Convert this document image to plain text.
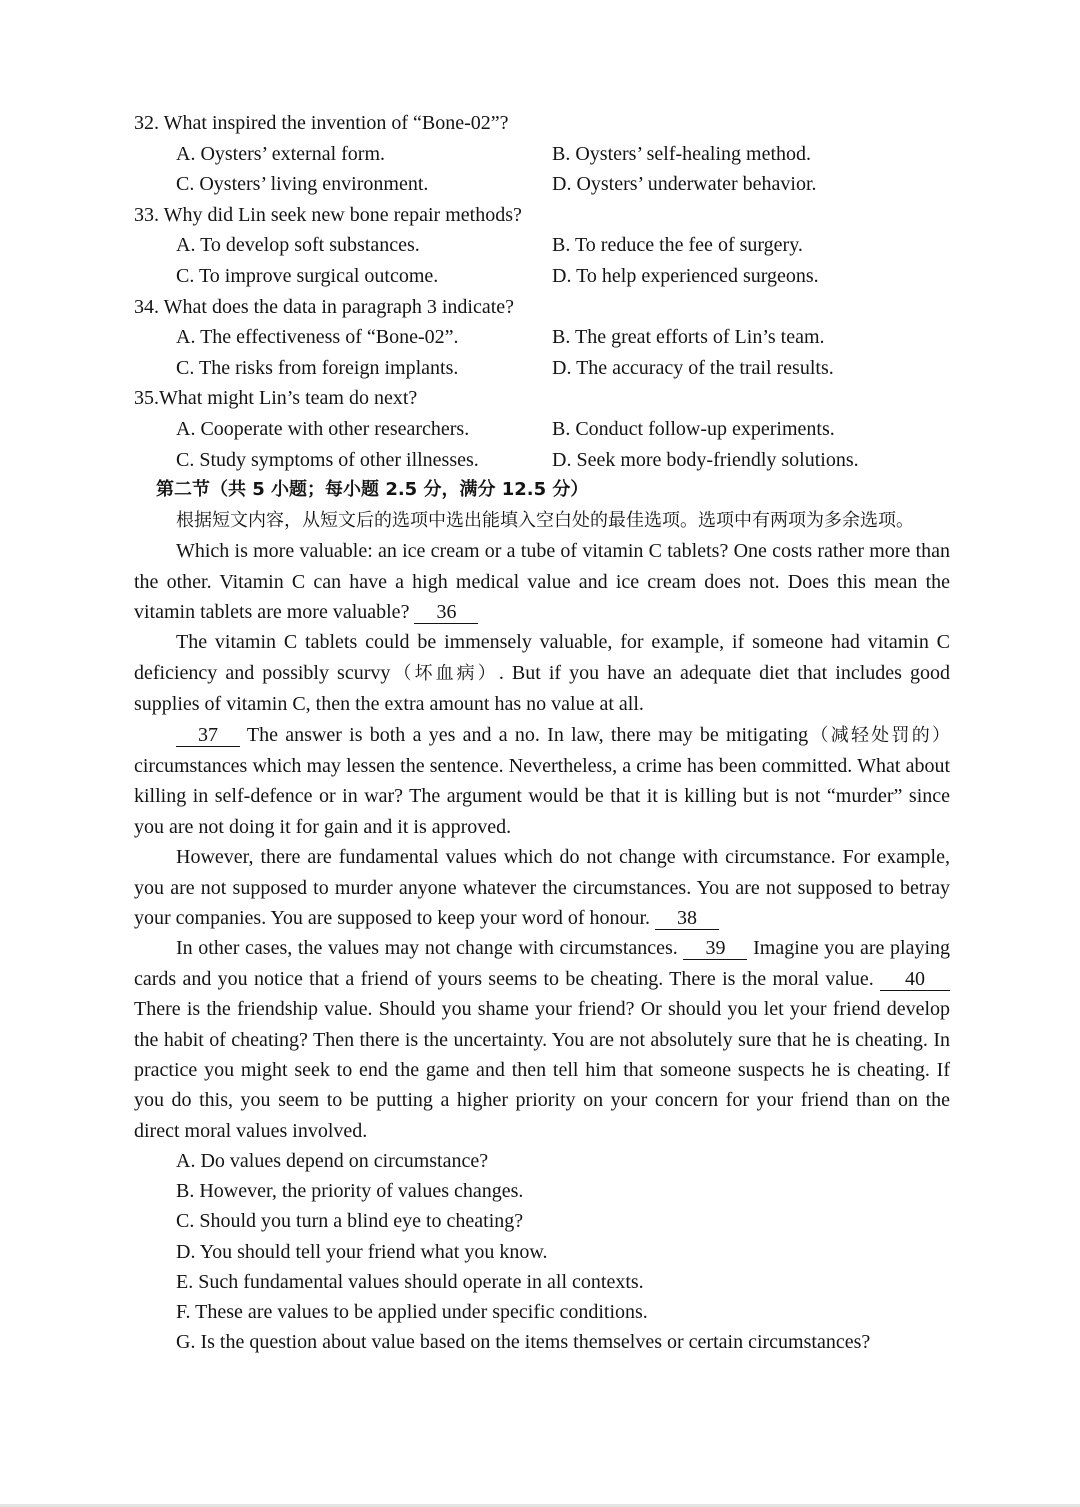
32. What inspired the invention of “Bone-02”?
A. Oysters’ external form.	B. Oysters’ self-healing method.
C. Oysters’ living environment.	D. Oysters’ underwater behavior.
33. Why did Lin seek new bone repair methods?
A. To develop soft substances.	B. To reduce the fee of surgery.
C. To improve surgical outcome.	D. To help experienced surgeons.
34. What does the data in paragraph 3 indicate?
A. The effectiveness of “Bone-02”.	B. The great efforts of Lin’s team.
C. The risks from foreign implants.	D. The accuracy of the trail results.
35.What might Lin’s team do next?
A. Cooperate with other researchers.	B. Conduct follow-up experiments.
C. Study symptoms of other illnesses.	D. Seek more body-friendly solutions.
第二节（共 5 小题；每小题 2.5 分，满分 12.5 分）

根据短文内容，从短文后的选项中选出能填入空白处的最佳选项。选项中有两项为多余选项。

Which is more valuable: an ice cream or a tube of vitamin C tablets? One costs rather more than the other. Vitamin C can have a high medical value and ice cream does not. Does this mean the vitamin tablets are more valuable? 36

The vitamin C tablets could be immensely valuable, for example, if someone had vitamin C deficiency and possibly scurvy（坏血病）. But if you have an adequate diet that includes good supplies of vitamin C, then the extra amount has no value at all.

37 The answer is both a yes and a no. In law, there may be mitigating（减轻处罚的） circumstances which may lessen the sentence. Nevertheless, a crime has been committed. What about killing in self-defence or in war? The argument would be that it is killing but is not “murder” since you are not doing it for gain and it is approved.

However, there are fundamental values which do not change with circumstance. For example, you are not supposed to murder anyone whatever the circumstances. You are not supposed to betray your companies. You are supposed to keep your word of honour. 38

In other cases, the values may not change with circumstances. 39 Imagine you are playing cards and you notice that a friend of yours seems to be cheating. There is the moral value. 40 There is the friendship value. Should you shame your friend? Or should you let your friend develop the habit of cheating? Then there is the uncertainty. You are not absolutely sure that he is cheating. In practice you might seek to end the game and then tell him that someone suspects he is cheating. If you do this, you seem to be putting a higher priority on your concern for your friend than on the direct moral values involved.

A. Do values depend on circumstance?
B. However, the priority of values changes.
C. Should you turn a blind eye to cheating?
D. You should tell your friend what you know.
E. Such fundamental values should operate in all contexts.
F. These are values to be applied under specific conditions.
G. Is the question about value based on the items themselves or certain circumstances?
